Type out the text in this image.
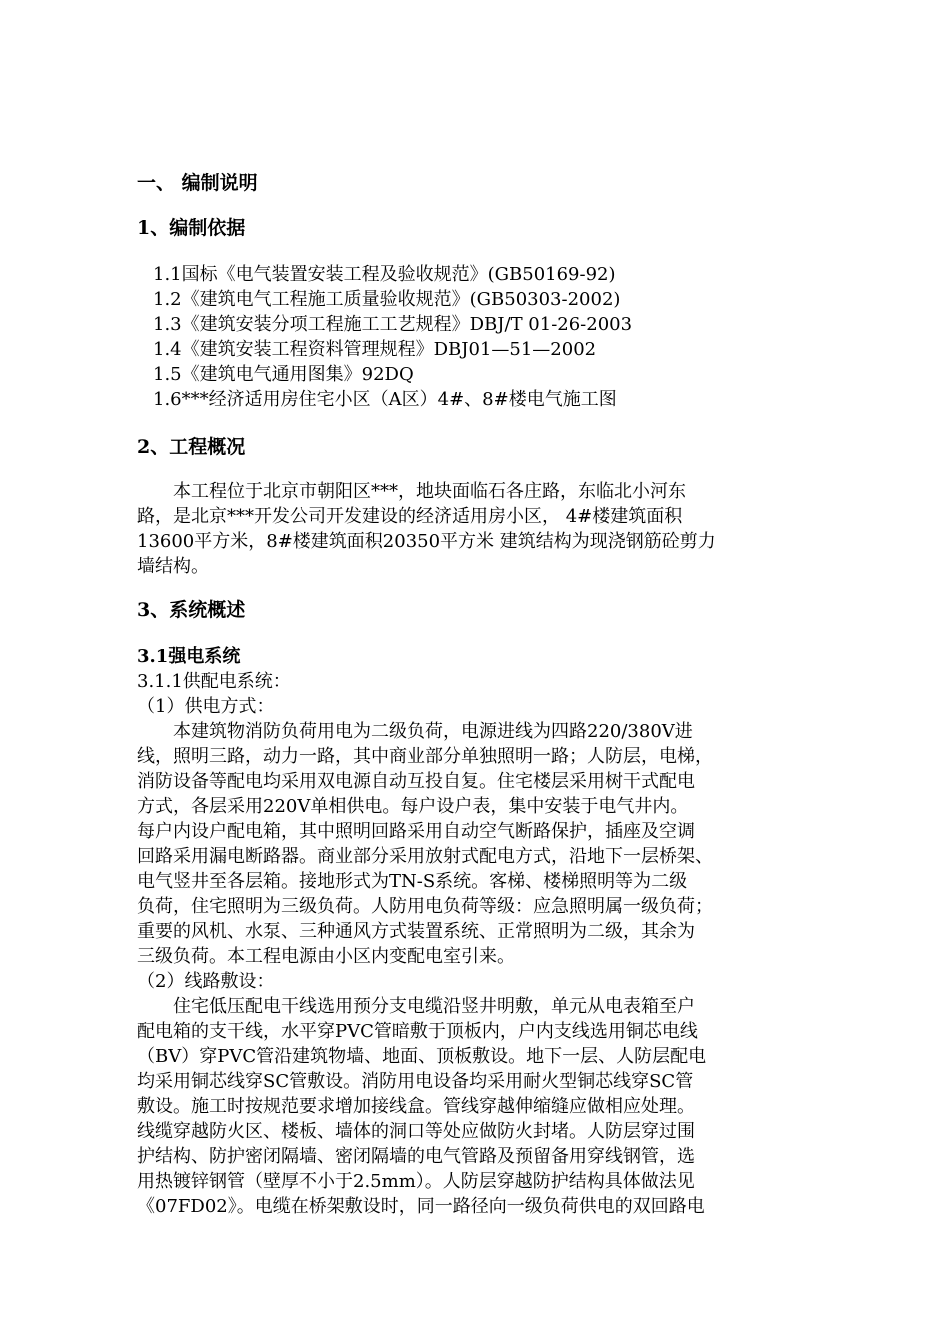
一、 编制说明
1、编制依据
1.1国标《电气装置安装工程及验收规范》(GB50169-92)
1.2《建筑电气工程施工质量验收规范》(GB50303-2002)
1.3《建筑安装分项工程施工工艺规程》DBJ/T 01-26-2003
1.4《建筑安装工程资料管理规程》DBJ01—51—2002
1.5《建筑电气通用图集》92DQ
1.6***经济适用房住宅小区（A区）4#、8#楼电气施工图
2、工程概况
本工程位于北京市朝阳区***，地块面临石各庄路，东临北小河东
路，是北京***开发公司开发建设的经济适用房小区， 4#楼建筑面积
13600平方米，8#楼建筑面积20350平方米 建筑结构为现浇钢筋砼剪力
墙结构。
3、系统概述
3.1强电系统
3.1.1供配电系统：
（1）供电方式：
本建筑物消防负荷用电为二级负荷，电源进线为四路220/380V进
线，照明三路，动力一路，其中商业部分单独照明一路；人防层，电梯，
消防设备等配电均采用双电源自动互投自复。住宅楼层采用树干式配电
方式，各层采用220V单相供电。每户设户表，集中安装于电气井内。
每户内设户配电箱，其中照明回路采用自动空气断路保护，插座及空调
回路采用漏电断路器。商业部分采用放射式配电方式，沿地下一层桥架、
电气竖井至各层箱。接地形式为TN-S系统。客梯、楼梯照明等为二级
负荷，住宅照明为三级负荷。人防用电负荷等级：应急照明属一级负荷；
重要的风机、水泵、三种通风方式装置系统、正常照明为二级，其余为
三级负荷。本工程电源由小区内变配电室引来。
（2）线路敷设：
住宅低压配电干线选用预分支电缆沿竖井明敷，单元从电表箱至户
配电箱的支干线，水平穿PVC管暗敷于顶板内，户内支线选用铜芯电线
（BV）穿PVC管沿建筑物墙、地面、顶板敷设。地下一层、人防层配电
均采用铜芯线穿SC管敷设。消防用电设备均采用耐火型铜芯线穿SC管
敷设。施工时按规范要求增加接线盒。管线穿越伸缩缝应做相应处理。
线缆穿越防火区、楼板、墙体的洞口等处应做防火封堵。人防层穿过围
护结构、防护密闭隔墙、密闭隔墙的电气管路及预留备用穿线钢管，选
用热镀锌钢管（壁厚不小于2.5mm）。人防层穿越防护结构具体做法见
《07FD02》。电缆在桥架敷设时，同一路径向一级负荷供电的双回路电
